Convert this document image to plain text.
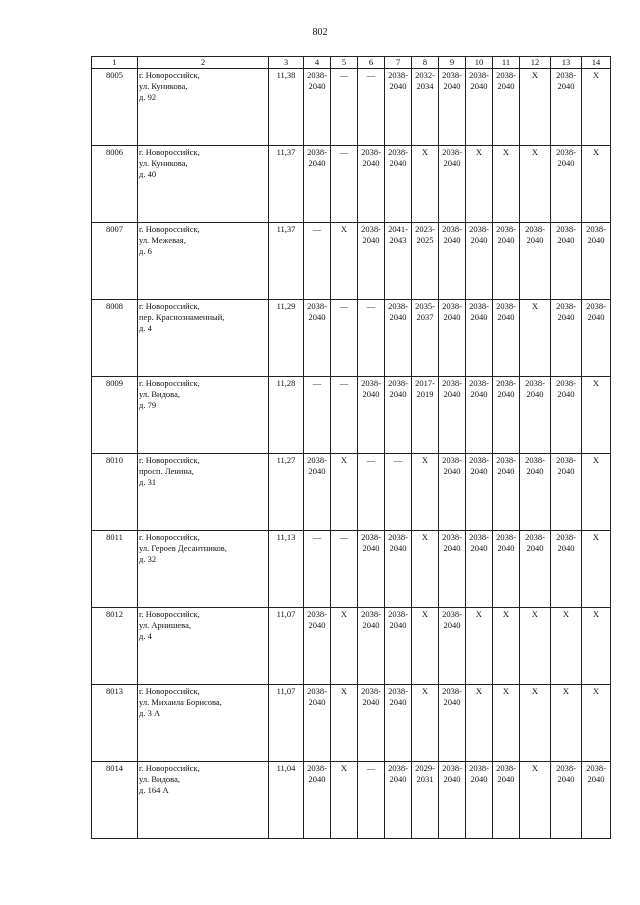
802
1	2	3	4	5	6	7	8	9	10	11	12	13	14
8005	г. Новороссийск,
ул. Куникова,
д. 92	11,38	2038-
2040	—	—	2038-
2040	2032-
2034	2038-
2040	2038-
2040	2038-
2040	Х	2038-
2040	Х
8006	г. Новороссийск,
ул. Куникова,
д. 40	11,37	2038-
2040	—	2038-
2040	2038-
2040	Х	2038-
2040	Х	Х	Х	2038-
2040	Х
8007	г. Новороссийск,
ул. Межевая,
д. 6	11,37	—	Х	2038-
2040	2041-
2043	2023-
2025	2038-
2040	2038-
2040	2038-
2040	2038-
2040	2038-
2040	2038-
2040
8008	г. Новороссийск,
пер. Краснознаменный,
д. 4	11,29	2038-
2040	—	—	2038-
2040	2035-
2037	2038-
2040	2038-
2040	2038-
2040	Х	2038-
2040	2038-
2040
8009	г. Новороссийск,
ул. Видова,
д. 79	11,28	—	—	2038-
2040	2038-
2040	2017-
2019	2038-
2040	2038-
2040	2038-
2040	2038-
2040	2038-
2040	Х
8010	г. Новороссийск,
просп. Ленина,
д. 31	11,27	2038-
2040	Х	—	—	Х	2038-
2040	2038-
2040	2038-
2040	2038-
2040	2038-
2040	Х
8011	г. Новороссийск,
ул. Героев Десантников,
д. 32	11,13	—	—	2038-
2040	2038-
2040	Х	2038-
2040	2038-
2040	2038-
2040	2038-
2040	2038-
2040	Х
8012	г. Новороссийск,
ул. Арнишева,
д. 4	11,07	2038-
2040	Х	2038-
2040	2038-
2040	Х	2038-
2040	Х	Х	Х	Х	Х
8013	г. Новороссийск,
ул. Михаила Борисова,
д. 3 А	11,07	2038-
2040	Х	2038-
2040	2038-
2040	Х	2038-
2040	Х	Х	Х	Х	Х
8014	г. Новороссийск,
ул. Видова,
д. 164 А	11,04	2038-
2040	Х	—	2038-
2040	2029-
2031	2038-
2040	2038-
2040	2038-
2040	Х	2038-
2040	2038-
2040
